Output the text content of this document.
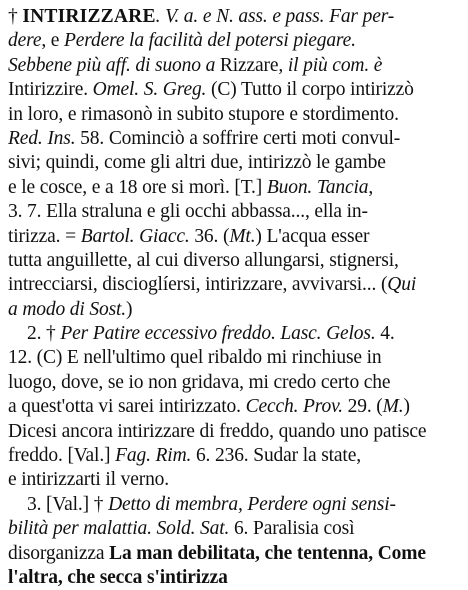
† INTIRIZZARE. V. a. e N. ass. e pass. Far per-
dere, e Perdere la facilità del potersi piegare.
Sebbene più aff. di suono a Rizzare, il più com. è
Intirizzire. Omel. S. Greg. (C) Tutto il corpo intirizzò
in loro, e rimasonò in subito stupore e stordimento.
Red. Ins. 58. Cominciò a soffrire certi moti convul-
sivi; quindi, come gli altri due, intirizzò le gambe
e le cosce, e a 18 ore si morì. [T.] Buon. Tancia,
3. 7. Ella straluna e gli occhi abbassa..., ella in-
tirizza. = Bartol. Giacc. 36. (Mt.) L'acqua esser
tutta anguillette, al cui diverso allungarsi, stignersi,
intrecciarsi, discioglíersi, intirizzare, avvivarsi... (Qui
a modo di Sost.)
2. † Per Patire eccessivo freddo. Lasc. Gelos. 4.
12. (C) E nell'ultimo quel ribaldo mi rinchiuse in
luogo, dove, se io non gridava, mi credo certo che
a quest'otta vi sarei intirizzato. Cecch. Prov. 29. (M.)
Dicesi ancora intirizzare di freddo, quando uno patisce
freddo. [Val.] Fag. Rim. 6. 236. Sudar la state,
e intirizzarti il verno.
3. [Val.] † Detto di membra, Perdere ogni sensi-
bilità per malattia. Sold. Sat. 6. Paralisia così
disorganizza La man debilitata, che tentenna, Come
l'altra, che secca s'intirizza
